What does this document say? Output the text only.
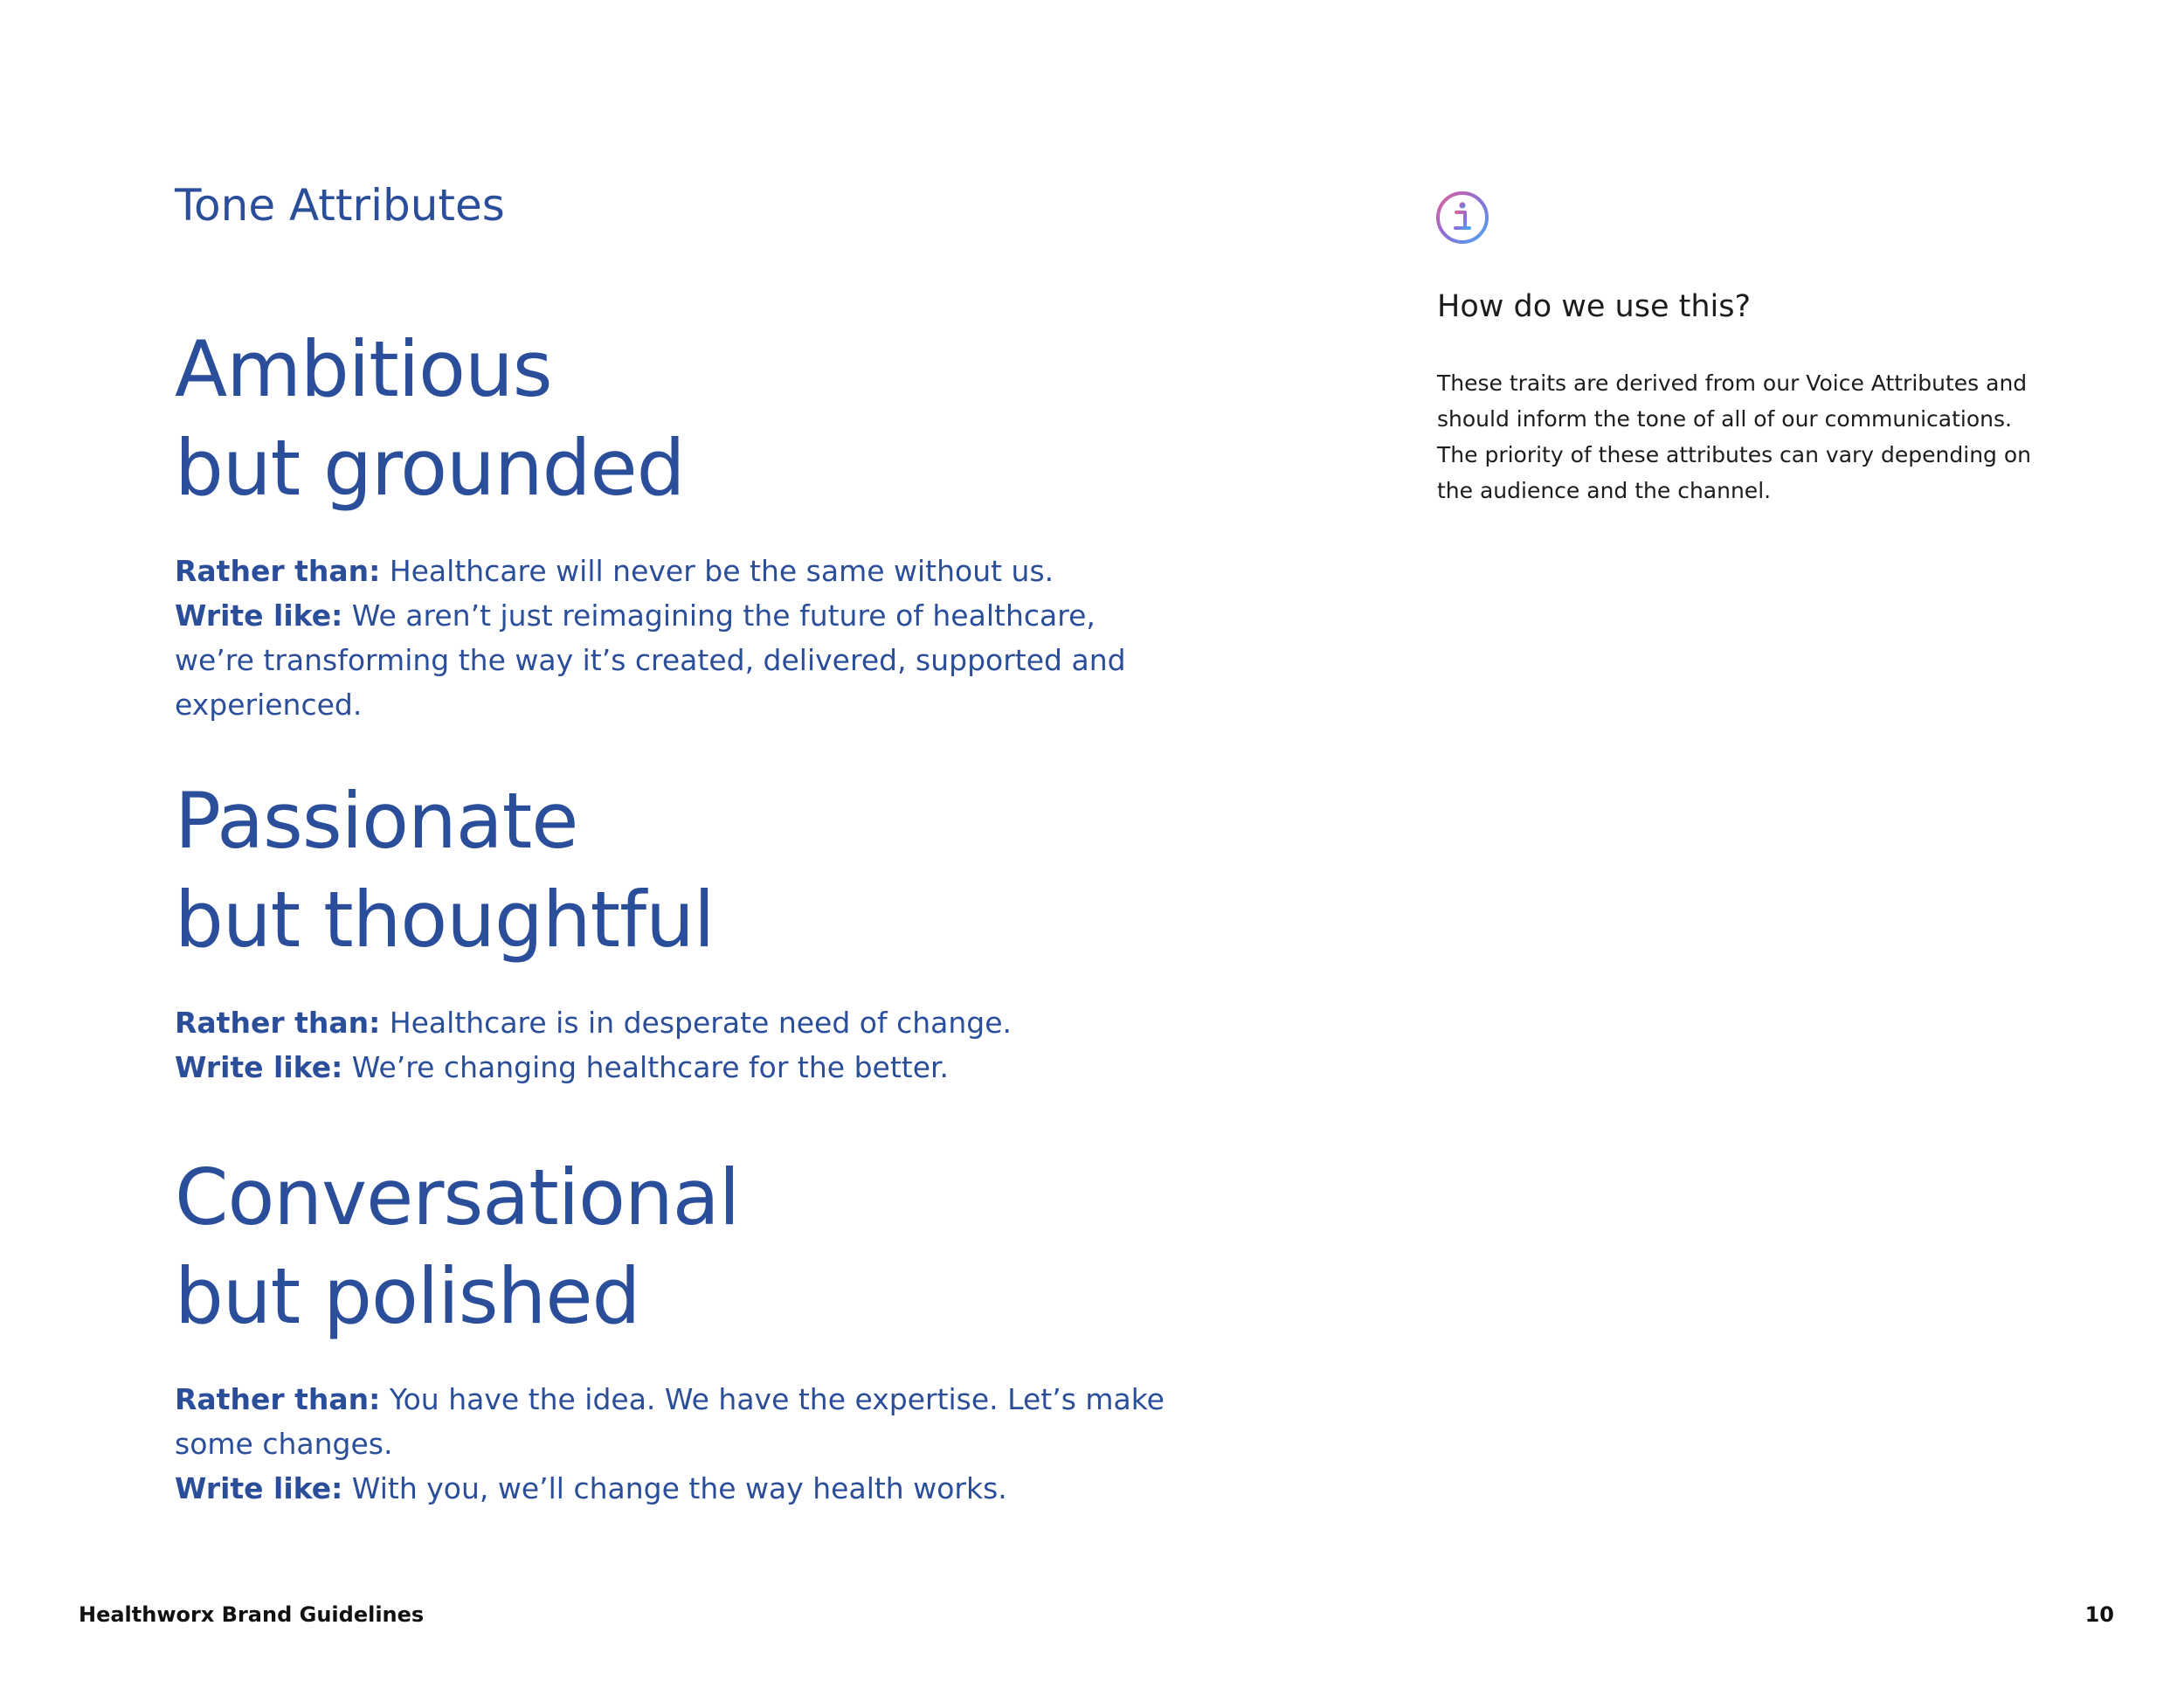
Tone Attributes
Ambitious
but grounded
Rather than: Healthcare will never be the same without us.
Write like: We aren’t just reimagining the future of healthcare, we’re transforming the way it’s created, delivered, supported and experienced.
Passionate
but thoughtful
Rather than: Healthcare is in desperate need of change.
Write like: We’re changing healthcare for the better.
Conversational
but polished
Rather than: You have the idea. We have the expertise. Let’s make some changes.
Write like: With you, we’ll change the way health works.
How do we use this?
These traits are derived from our Voice Attributes and should inform the tone of all of our communications. The priority of these attributes can vary depending on the audience and the channel.
Healthworx Brand Guidelines	10
